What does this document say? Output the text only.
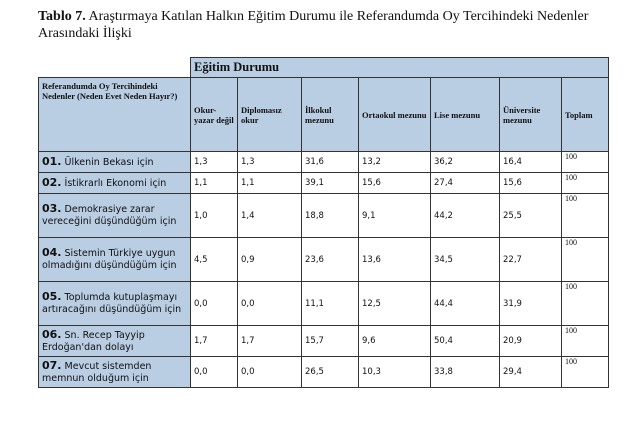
Tablo 7. Araştırmaya Katılan Halkın Eğitim Durumu ile Referandumda Oy Tercihindeki Nedenler Arasındaki İlişki
	Eğitim Durumu						
Referandumda Oy Tercihindeki Nedenler (Neden Evet Neden Hayır?)	Okur-yazar değil	Diplomasız okur	İlkokul mezunu	Ortaokul mezunu	Lise mezunu	Üniversite mezunu	Toplam
01. Ülkenin Bekası için	1,3	1,3	31,6	13,2	36,2	16,4	100
02. İstikrarlı Ekonomi için	1,1	1,1	39,1	15,6	27,4	15,6	100
03. Demokrasiye zarar vereceğini düşündüğüm için	1,0	1,4	18,8	9,1	44,2	25,5	100
04. Sistemin Türkiye uygun olmadığını düşündüğüm için	4,5	0,9	23,6	13,6	34,5	22,7	100
05. Toplumda kutuplaşmayı artıracağını düşündüğüm için	0,0	0,0	11,1	12,5	44,4	31,9	100
06. Sn. Recep Tayyip Erdoğan'dan dolayı	1,7	1,7	15,7	9,6	50,4	20,9	100
07. Mevcut sistemden memnun olduğum için	0,0	0,0	26,5	10,3	33,8	29,4	100
